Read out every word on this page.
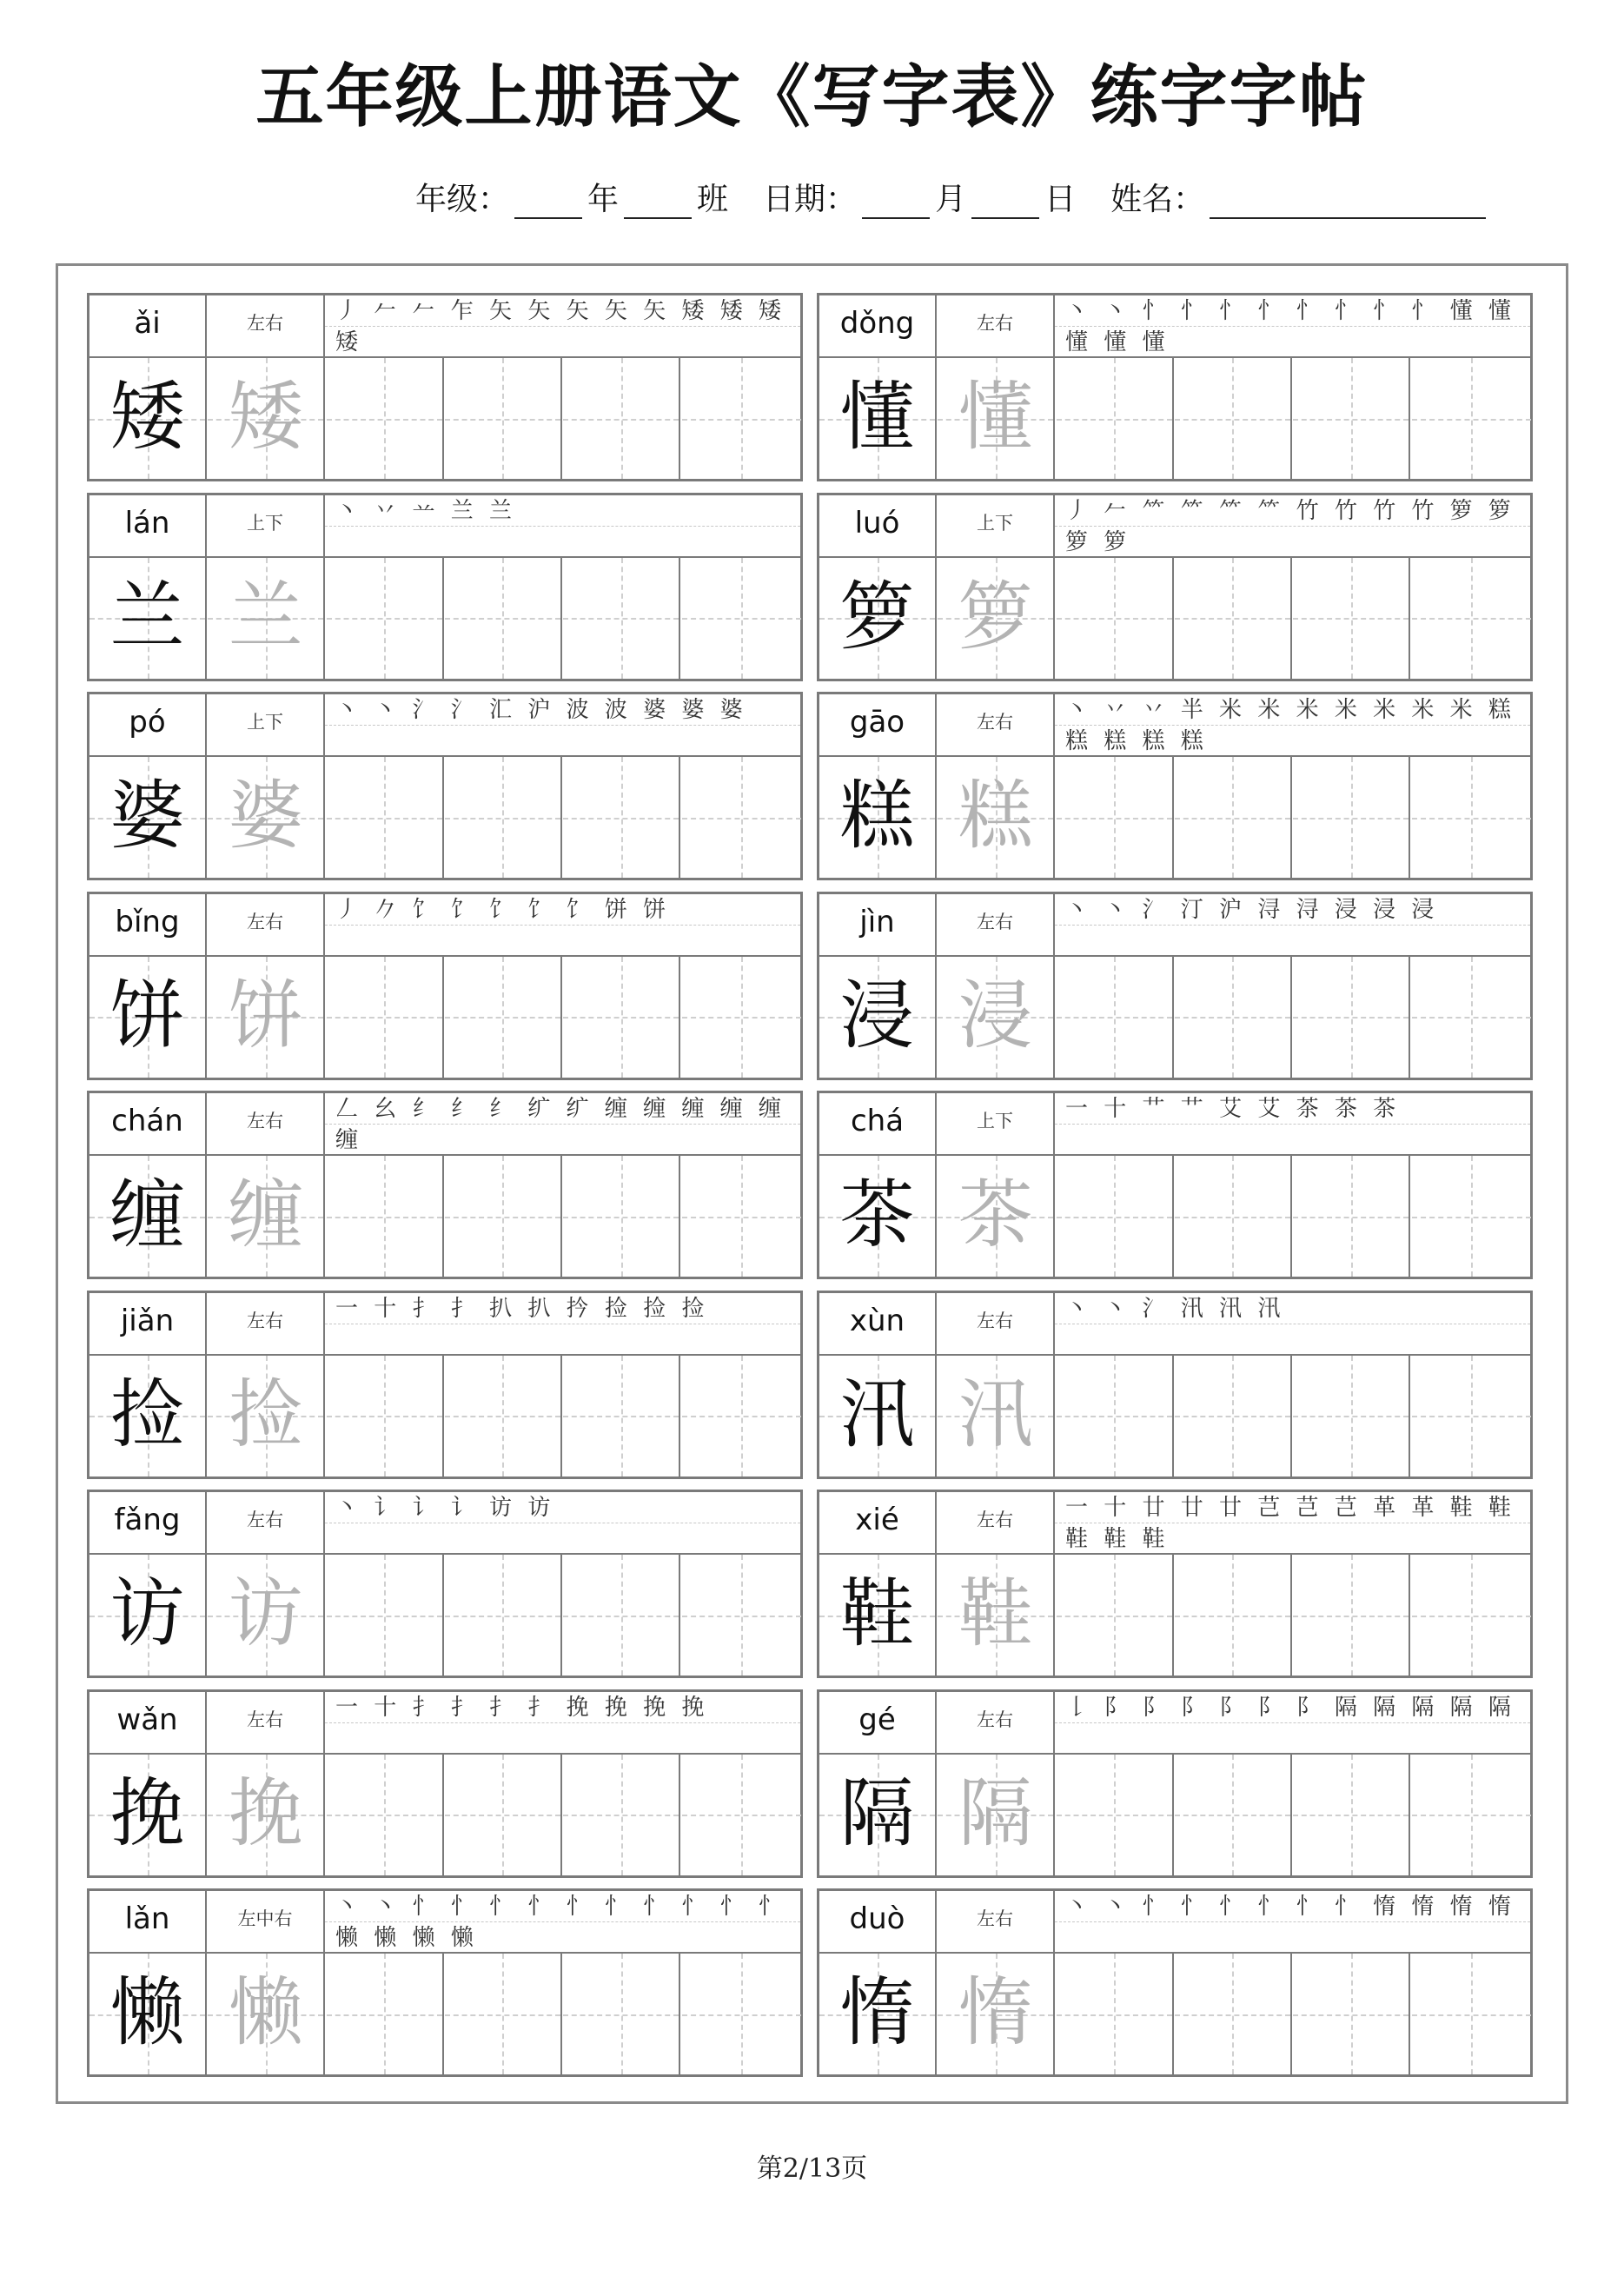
五年级上册语文《写字表》练字字帖
年级：	年	班 日期：	月	日 姓名：
ǎi	左右	丿 𠂉 𠂉 乍 矢 矢 矢 矢 矢 矮 矮 矮 矮
矮 矮
dǒng	左右	丶 丶 忄 忄 忄 忄 忄 忄 忄 忄 懂 懂 懂 懂 懂
懂 懂
lán	上下	丶 丷 䒑 兰 兰
兰 兰
luó	上下	丿 𠂉 ⺮ ⺮ ⺮ ⺮ 竹 竹 竹 竹 箩 箩 箩 箩
箩 箩
pó	上下	丶 丶 氵 氵 汇 沪 波 波 婆 婆 婆
婆 婆
gāo	左右	丶 丷 丷 半 米 米 米 米 米 米 米 糕 糕 糕 糕 糕
糕 糕
bǐng	左右	丿 𠂊 饣 饣 饣 饣 饣 饼 饼
饼 饼
jìn	左右	丶 丶 氵 汀 沪 浔 浔 浸 浸 浸
浸 浸
chán	左右	𠃋 幺 纟 纟 纟 纩 纩 缠 缠 缠 缠 缠 缠
缠 缠
chá	上下	一 十 艹 艹 艾 艾 茶 茶 茶
茶 茶
jiǎn	左右	一 十 扌 扌 扒 扒 扲 捡 捡 捡
捡 捡
xùn	左右	丶 丶 氵 汛 汛 汛
汛 汛
fǎng	左右	丶 讠 讠 讠 访 访
访 访
xié	左右	一 十 廿 廿 廿 芑 芑 芑 革 革 鞋 鞋 鞋 鞋 鞋
鞋 鞋
wǎn	左右	一 十 扌 扌 扌 扌 挽 挽 挽 挽
挽 挽
gé	左右	𠄌 阝 阝 阝 阝 阝 阝 隔 隔 隔 隔 隔
隔 隔
lǎn	左中右	丶 丶 忄 忄 忄 忄 忄 忄 忄 忄 忄 忄 懒 懒 懒 懒
懒 懒
duò	左右	丶 丶 忄 忄 忄 忄 忄 忄 惰 惰 惰 惰
惰 惰
第2/13页
